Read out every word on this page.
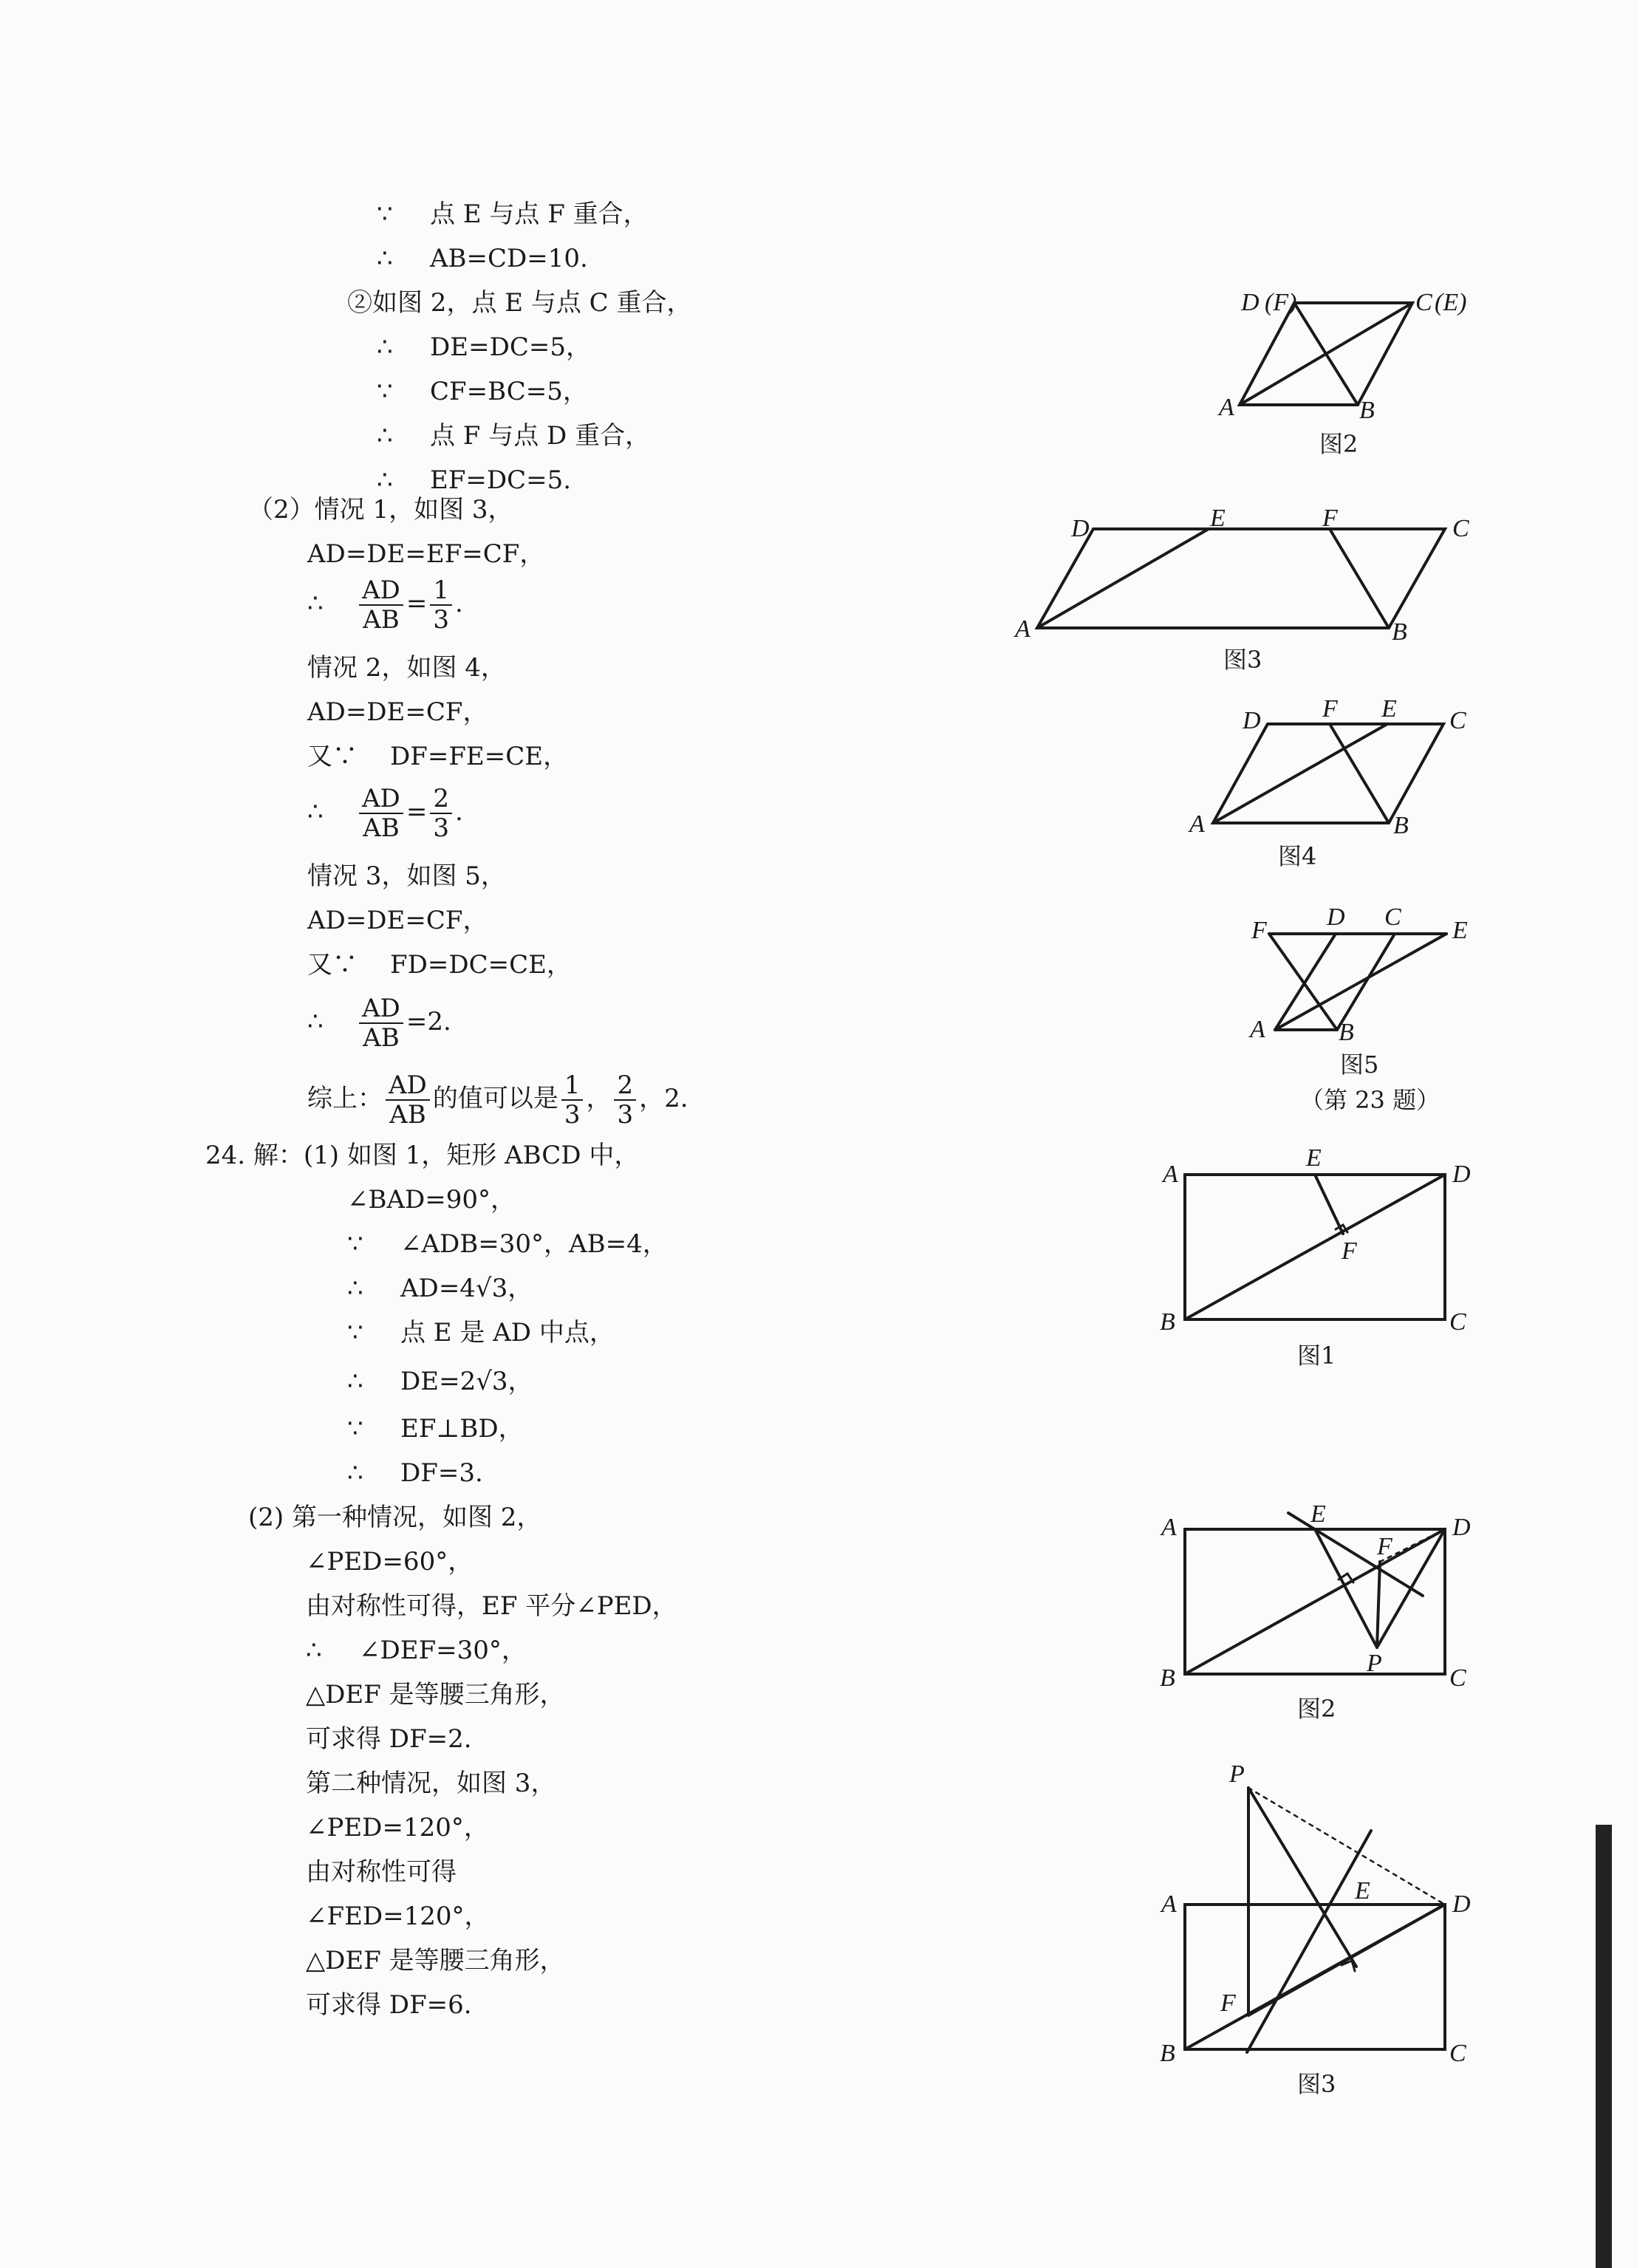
∵ 点 E 与点 F 重合，
∴ AB=CD=10.
②如图 2，点 E 与点 C 重合，
∴ DE=DC=5，
∵ CF=BC=5，
∴ 点 F 与点 D 重合，
∴ EF=DC=5.
（2）情况 1，如图 3，
AD=DE=EF=CF，
∴ $\frac{AD}{AB} = \frac{1}{3}$ .
情况 2，如图 4，
AD=DE=CF，
又∵ DF=FE=CE，
∴ $\frac{AD}{AB} = \frac{2}{3}$ .
情况 3，如图 5，
AD=DE=CF，
又∵ FD=DC=CE，
∴ $\frac{AD}{AB} =2$.
综上： $\frac{AD}{AB}$ 的值可以是 $\frac{1}{3}$ ， $\frac{2}{3}$ ，2.
24. 解：(1) 如图 1，矩形 ABCD 中，
∠BAD=90°，
∵ ∠ADB=30°，AB=4，
∴ AD=4√3，
∵ 点 E 是 AD 中点，
∴ DE=2√3，
∵ EF⊥BD，
∴ DF=3.
(2) 第一种情况，如图 2，
∠PED=60°，
由对称性可得，EF 平分∠PED，
∴ ∠DEF=30°，
△DEF 是等腰三角形，
可求得 DF=2.
第二种情况，如图 3，
∠PED=120°，
由对称性可得
∠FED=120°，
△DEF 是等腰三角形，
可求得 DF=6.
D (F)	C (E)
A	B
图2
D	E	F	C
A	B
图3
D F E C
A	B
图4
F D C E
A	B
图5
（第 23 题）
A
E
D
F
B	C
图1
A	E	D
F
P
B	C
图2
P
A	E	D
F
B	C
图3
